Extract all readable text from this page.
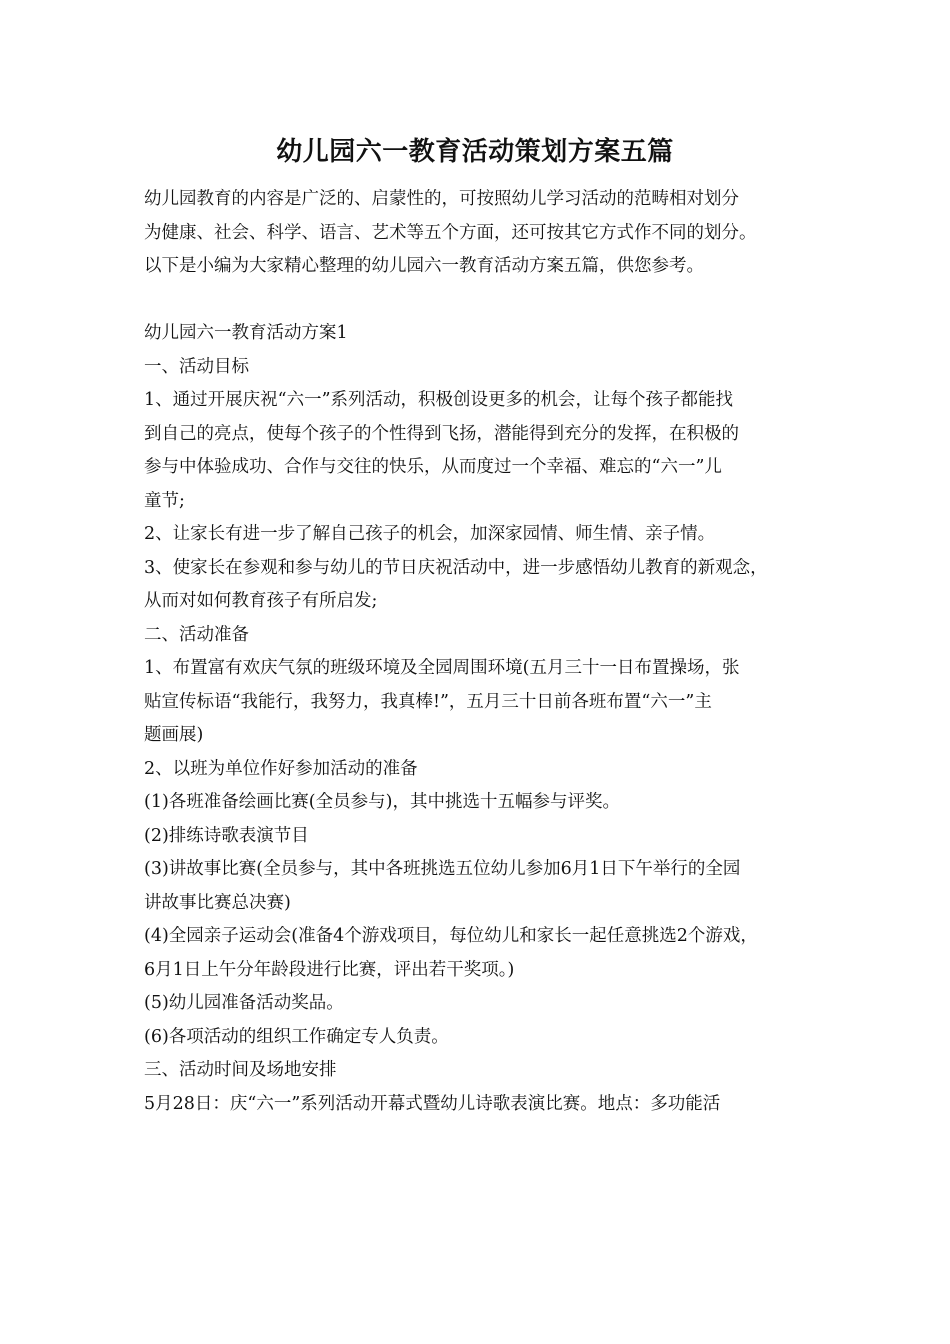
幼儿园六一教育活动策划方案五篇
幼儿园教育的内容是广泛的、启蒙性的，可按照幼儿学习活动的范畴相对划分
为健康、社会、科学、语言、艺术等五个方面，还可按其它方式作不同的划分。
以下是小编为大家精心整理的幼儿园六一教育活动方案五篇，供您参考。
幼儿园六一教育活动方案1
一、活动目标
1、通过开展庆祝“六一”系列活动，积极创设更多的机会，让每个孩子都能找
到自己的亮点，使每个孩子的个性得到飞扬，潜能得到充分的发挥，在积极的
参与中体验成功、合作与交往的快乐，从而度过一个幸福、难忘的“六一”儿
童节;
2、让家长有进一步了解自己孩子的机会，加深家园情、师生情、亲子情。
3、使家长在参观和参与幼儿的节日庆祝活动中，进一步感悟幼儿教育的新观念，
从而对如何教育孩子有所启发;
二、活动准备
1、布置富有欢庆气氛的班级环境及全园周围环境(五月三十一日布置操场，张
贴宣传标语“我能行，我努力，我真棒!”，五月三十日前各班布置“六一”主
题画展)
2、以班为单位作好参加活动的准备
(1)各班准备绘画比赛(全员参与)，其中挑选十五幅参与评奖。
(2)排练诗歌表演节目
(3)讲故事比赛(全员参与，其中各班挑选五位幼儿参加6月1日下午举行的全园
讲故事比赛总决赛)
(4)全园亲子运动会(准备4个游戏项目，每位幼儿和家长一起任意挑选2个游戏，
6月1日上午分年龄段进行比赛，评出若干奖项。)
(5)幼儿园准备活动奖品。
(6)各项活动的组织工作确定专人负责。
三、活动时间及场地安排
5月28日：庆“六一”系列活动开幕式暨幼儿诗歌表演比赛。地点：多功能活
